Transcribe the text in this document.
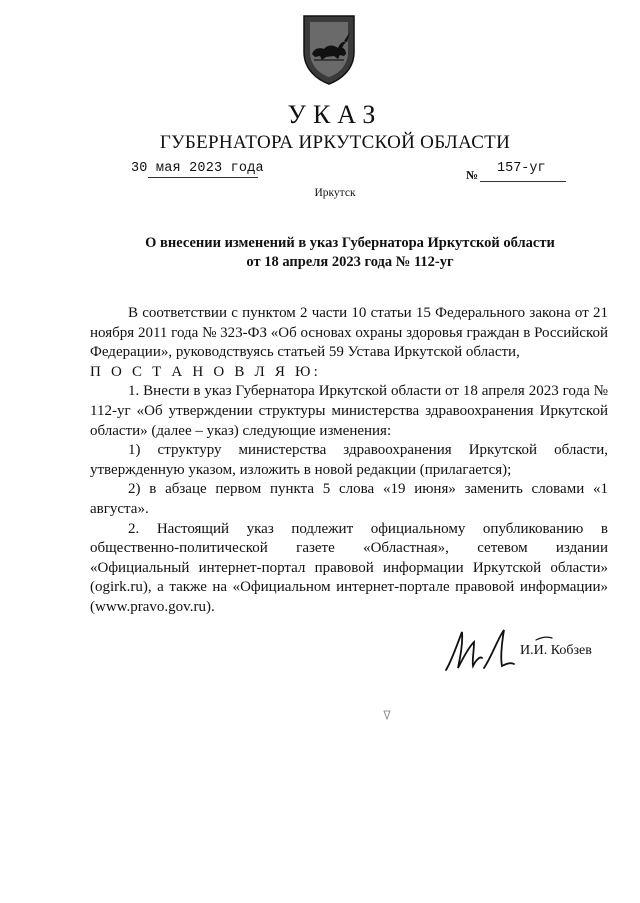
УКАЗ
ГУБЕРНАТОРА ИРКУТСКОЙ ОБЛАСТИ
30 мая 2023 года	№ 157-уг
Иркутск
О внесении изменений в указ Губернатора Иркутской области
от 18 апреля 2023 года № 112-уг

В соответствии с пунктом 2 части 10 статьи 15 Федерального закона от 21 ноября 2011 года № 323-ФЗ «Об основах охраны здоровья граждан в Российской Федерации», руководствуясь статьей 59 Устава Иркутской области,

П О С Т А Н О В Л Я Ю:

1. Внести в указ Губернатора Иркутской области от 18 апреля 2023 года № 112-уг «Об утверждении структуры министерства здравоохранения Иркутской области» (далее – указ) следующие изменения:

1) структуру министерства здравоохранения Иркутской области, утвержденную указом, изложить в новой редакции (прилагается);

2) в абзаце первом пункта 5 слова «19 июня» заменить словами «1 августа».

2. Настоящий указ подлежит официальному опубликованию в общественно-политической газете «Областная», сетевом издании «Официальный интернет-портал правовой информации Иркутской области» (ogirk.ru), а также на «Официальном интернет-портале правовой информации» (www.pravo.gov.ru).

И.И. Кобзев
